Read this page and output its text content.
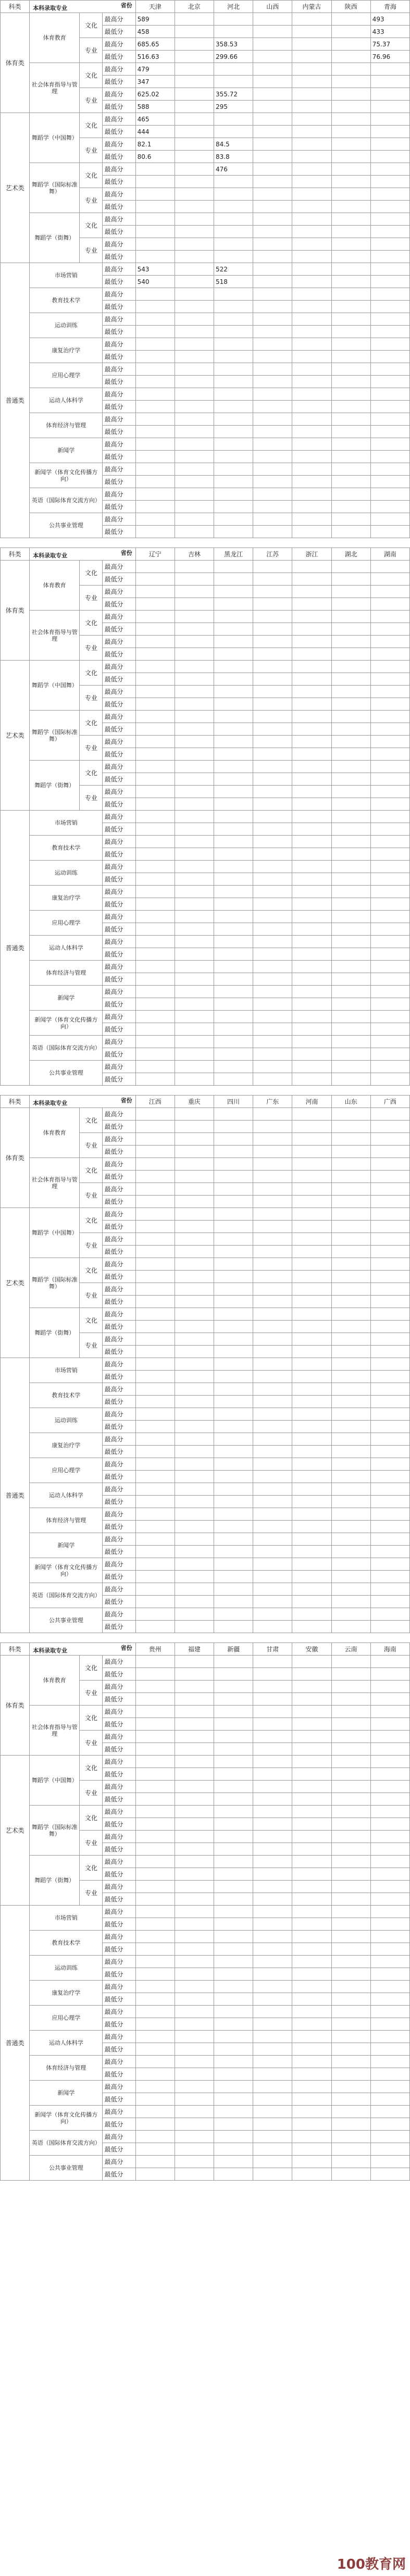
科类	省份
本科录取专业			天津	北京	河北	山西	内蒙古	陕西	青海
体育类	体育教育	文化	最高分	589						493
			最低分	458						433
		专业	最高分	685.65		358.53				75.37
			最低分	516.63		299.66				76.96
	社会体育指导与管理	文化	最高分	479						
			最低分	347						
		专业	最高分	625.02		355.72				
			最低分	588		295				
艺术类	舞蹈学（中国舞）	文化	最高分	465						
			最低分	444						
		专业	最高分	82.1		84.5				
			最低分	80.6		83.8				
	舞蹈学（国际标准舞）	文化	最高分			476				
			最低分							
		专业	最高分							
			最低分							
	舞蹈学（街舞）	文化	最高分							
			最低分							
		专业	最高分							
			最低分							
普通类	市场营销		最高分	543		522				
			最低分	540		518				
	教育技术学		最高分							
			最低分							
	运动训练		最高分							
			最低分							
	康复治疗学		最高分							
			最低分							
	应用心理学		最高分							
			最低分							
	运动人体科学		最高分							
			最低分							
	体育经济与管理		最高分							
			最低分							
	新闻学		最高分							
			最低分							
	新闻学（体育文化传播方向）		最高分							
			最低分							
	英语（国际体育交流方向）		最高分							
			最低分							
	公共事业管理		最高分							
			最低分							
科类	省份
本科录取专业			辽宁	吉林	黑龙江	江苏	浙江	湖北	湖南
体育类	体育教育	文化	最高分							
			最低分							
		专业	最高分							
			最低分							
	社会体育指导与管理	文化	最高分							
			最低分							
		专业	最高分							
			最低分							
艺术类	舞蹈学（中国舞）	文化	最高分							
			最低分							
		专业	最高分							
			最低分							
	舞蹈学（国际标准舞）	文化	最高分							
			最低分							
		专业	最高分							
			最低分							
	舞蹈学（街舞）	文化	最高分							
			最低分							
		专业	最高分							
			最低分							
普通类	市场营销		最高分							
			最低分							
	教育技术学		最高分							
			最低分							
	运动训练		最高分							
			最低分							
	康复治疗学		最高分							
			最低分							
	应用心理学		最高分							
			最低分							
	运动人体科学		最高分							
			最低分							
	体育经济与管理		最高分							
			最低分							
	新闻学		最高分							
			最低分							
	新闻学（体育文化传播方向）		最高分							
			最低分							
	英语（国际体育交流方向）		最高分							
			最低分							
	公共事业管理		最高分							
			最低分							
科类	省份
本科录取专业			江西	重庆	四川	广东	河南	山东	广西
体育类	体育教育	文化	最高分							
			最低分							
		专业	最高分							
			最低分							
	社会体育指导与管理	文化	最高分							
			最低分							
		专业	最高分							
			最低分							
艺术类	舞蹈学（中国舞）	文化	最高分							
			最低分							
		专业	最高分							
			最低分							
	舞蹈学（国际标准舞）	文化	最高分							
			最低分							
		专业	最高分							
			最低分							
	舞蹈学（街舞）	文化	最高分							
			最低分							
		专业	最高分							
			最低分							
普通类	市场营销		最高分							
			最低分							
	教育技术学		最高分							
			最低分							
	运动训练		最高分							
			最低分							
	康复治疗学		最高分							
			最低分							
	应用心理学		最高分							
			最低分							
	运动人体科学		最高分							
			最低分							
	体育经济与管理		最高分							
			最低分							
	新闻学		最高分							
			最低分							
	新闻学（体育文化传播方向）		最高分							
			最低分							
	英语（国际体育交流方向）		最高分							
			最低分							
	公共事业管理		最高分							
			最低分							
科类	省份
本科录取专业			贵州	福建	新疆	甘肃	安徽	云南	海南
体育类	体育教育	文化	最高分							
			最低分							
		专业	最高分							
			最低分							
	社会体育指导与管理	文化	最高分							
			最低分							
		专业	最高分							
			最低分							
艺术类	舞蹈学（中国舞）	文化	最高分							
			最低分							
		专业	最高分							
			最低分							
	舞蹈学（国际标准舞）	文化	最高分							
			最低分							
		专业	最高分							
			最低分							
	舞蹈学（街舞）	文化	最高分							
			最低分							
		专业	最高分							
			最低分							
普通类	市场营销		最高分							
			最低分							
	教育技术学		最高分							
			最低分							
	运动训练		最高分							
			最低分							
	康复治疗学		最高分							
			最低分							
	应用心理学		最高分							
			最低分							
	运动人体科学		最高分							
			最低分							
	体育经济与管理		最高分							
			最低分							
	新闻学		最高分							
			最低分							
	新闻学（体育文化传播方向）		最高分							
			最低分							
	英语（国际体育交流方向）		最高分							
			最低分							
	公共事业管理		最高分							
			最低分							
100教育网
